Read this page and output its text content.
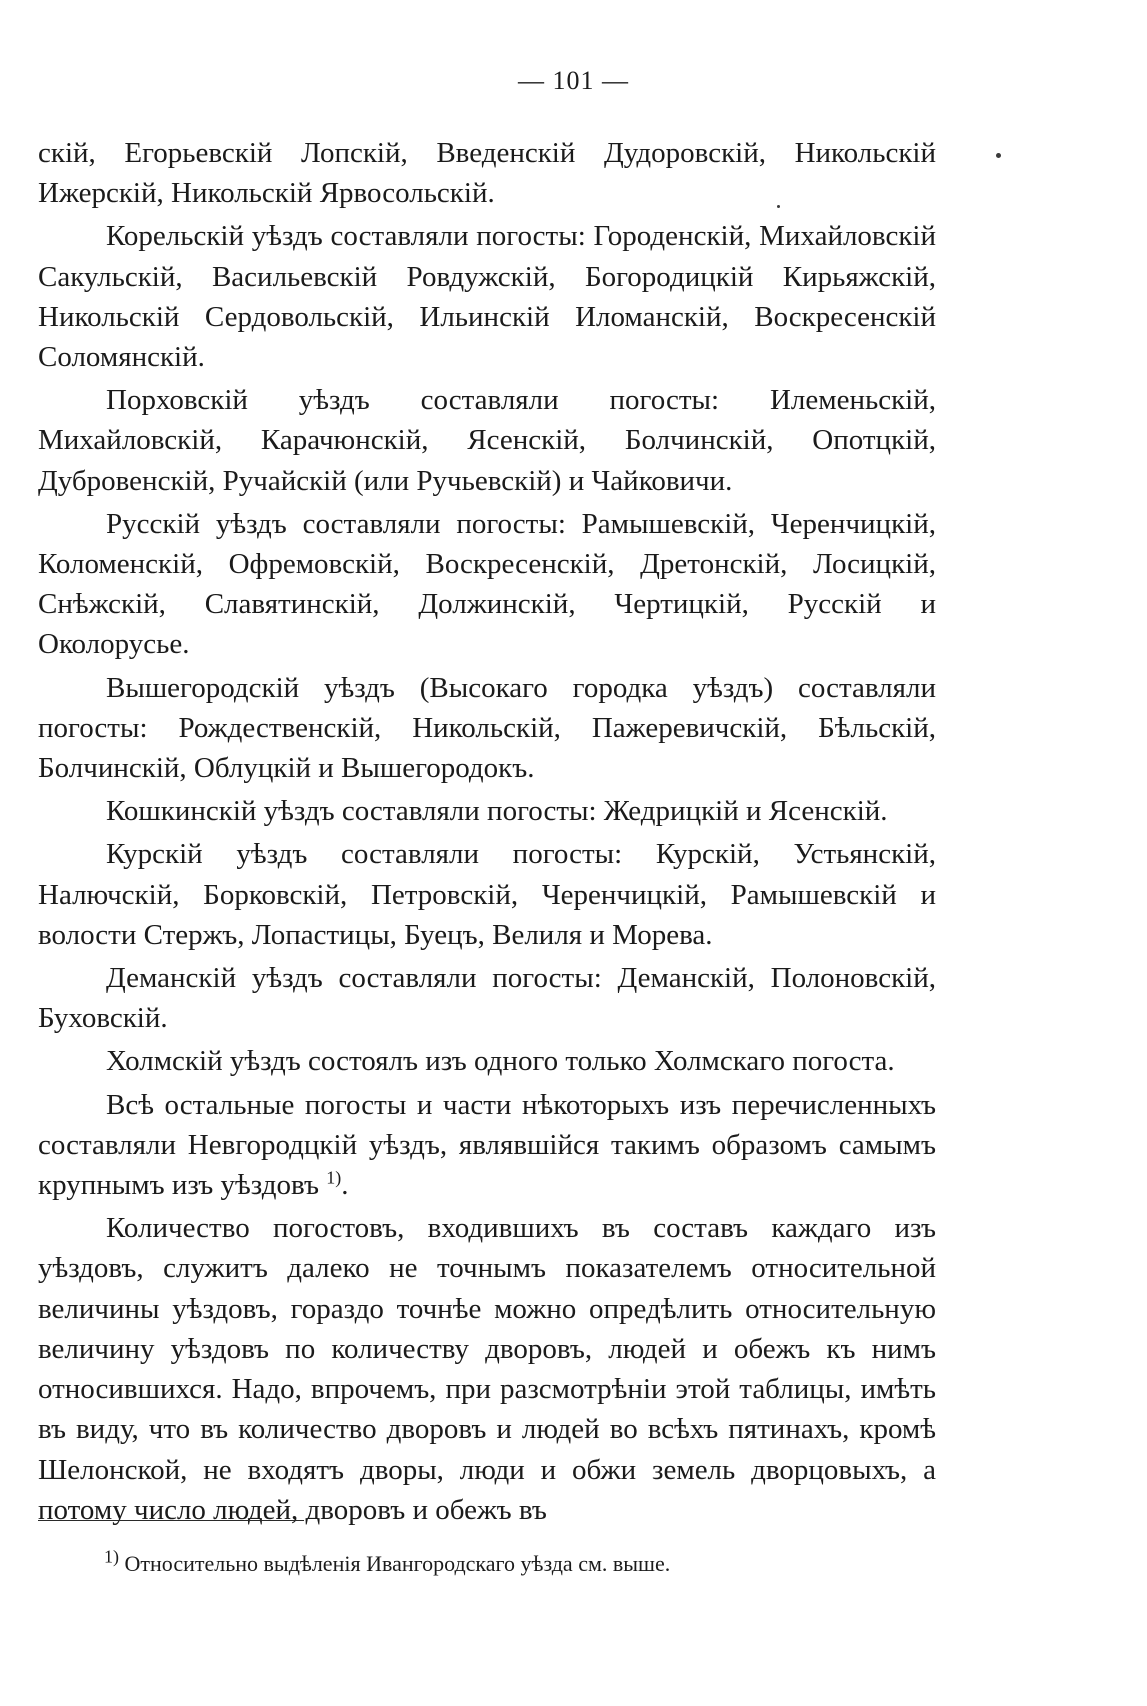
— 101 —

скій, Егорьевскій Лопскій, Введенскій Дудоровскій, Никольскій Ижерскій, Никольскій Ярвосольскій.

Корельскій уѣздъ составляли погосты: Городенскій, Михайловскій Сакульскій, Васильевскій Ровдужскій, Богородицкій Кирьяжскій, Никольскій Сердовольскій, Ильинскій Иломанскій, Воскресенскій Соломянскій.

Порховскій уѣздъ составляли погосты: Илеменьскій, Михайловскій, Карачюнскій, Ясенскій, Болчинскій, Опотцкій, Дубровенскій, Ручайскій (или Ручьевскій) и Чайковичи.

Русскій уѣздъ составляли погосты: Рамышевскій, Черенчицкій, Коломенскій, Офремовскій, Воскресенскій, Дретонскій, Лосицкій, Снѣжскій, Славятинскій, Должинскій, Чертицкій, Русскій и Околорусье.

Вышегородскій уѣздъ (Высокаго городка уѣздъ) составляли погосты: Рождественскій, Никольскій, Пажеревичскій, Бѣльскій, Болчинскій, Облуцкій и Вышегородокъ.

Кошкинскій уѣздъ составляли погосты: Жедрицкій и Ясенскій.

Курскій уѣздъ составляли погосты: Курскій, Устьянскій, Налючскій, Борковскій, Петровскій, Черенчицкій, Рамышевскій и волости Стержъ, Лопастицы, Буецъ, Велиля и Морева.

Деманскій уѣздъ составляли погосты: Деманскій, Полоновскій, Буховскій.

Холмскій уѣздъ состоялъ изъ одного только Холмскаго погоста.

Всѣ остальные погосты и части нѣкоторыхъ изъ перечисленныхъ составляли Невгородцкій уѣздъ, являвшійся такимъ образомъ самымъ крупнымъ изъ уѣздовъ $^{1)}$.

Количество погостовъ, входившихъ въ составъ каждаго изъ уѣздовъ, служитъ далеко не точнымъ показателемъ относительной величины уѣздовъ, гораздо точнѣе можно опредѣлить относительную величину уѣздовъ по количеству дворовъ, людей и обежъ къ нимъ относившихся. Надо, впрочемъ, при разсмотрѣніи этой таблицы, имѣть въ виду, что въ количество дворовъ и людей во всѣхъ пятинахъ, кромѣ Шелонской, не входятъ дворы, люди и обжи земель дворцовыхъ, а потому число людей, дворовъ и обежъ въ

$^{1)}$ Относительно выдѣленія Ивангородскаго уѣзда см. выше.
